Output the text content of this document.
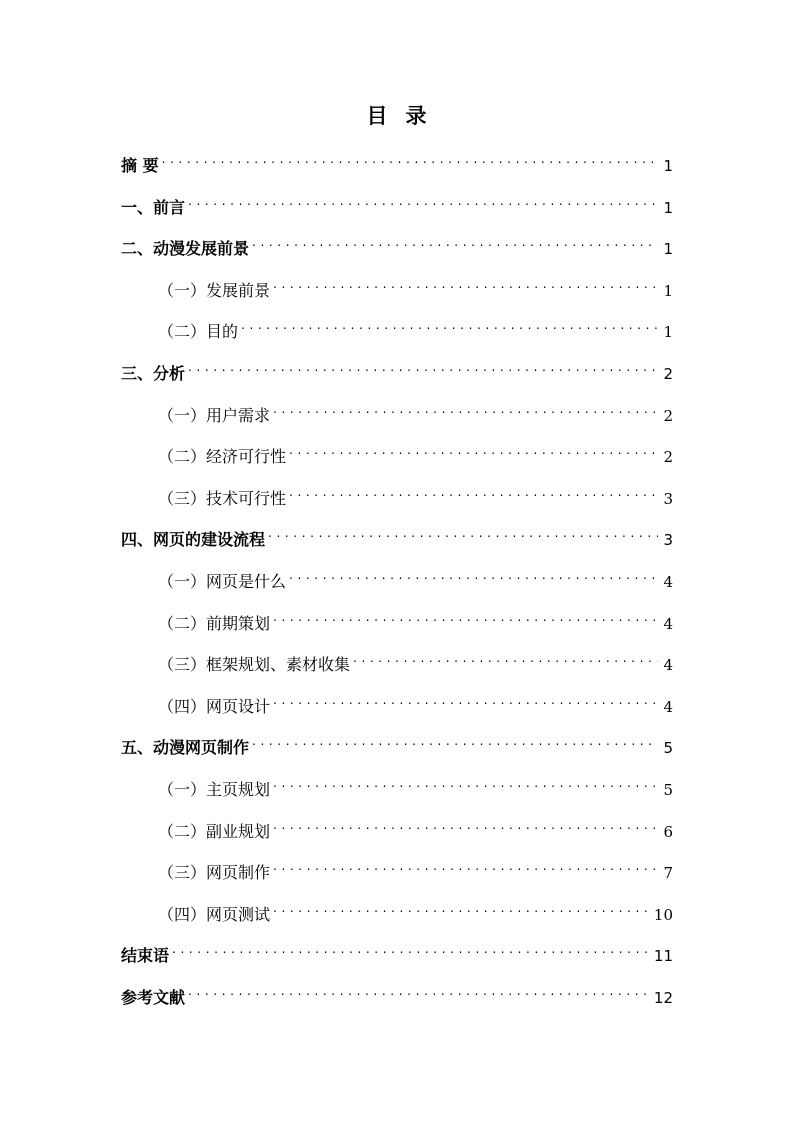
目录
摘 要 . . .	1
一、前言 . . .	1
二、动漫发展前景 . . .	1
（一）发展前景 . . .	1
（二）目的 . . .	1
三、分析 . . .	2
（一）用户需求 . . .	2
（二）经济可行性 . . .	2
（三）技术可行性 . . .	3
四、网页的建设流程 . . .	3
（一）网页是什么 . . .	4
（二）前期策划 . . .	4
（三）框架规划、素材收集 . . .	4
（四）网页设计 . . .	4
五、动漫网页制作 . . .	5
（一）主页规划 . . .	5
（二）副业规划 . . .	6
（三）网页制作 . . .	7
（四）网页测试 . . .	10
结束语 . . .	11
参考文献 . . .	12
